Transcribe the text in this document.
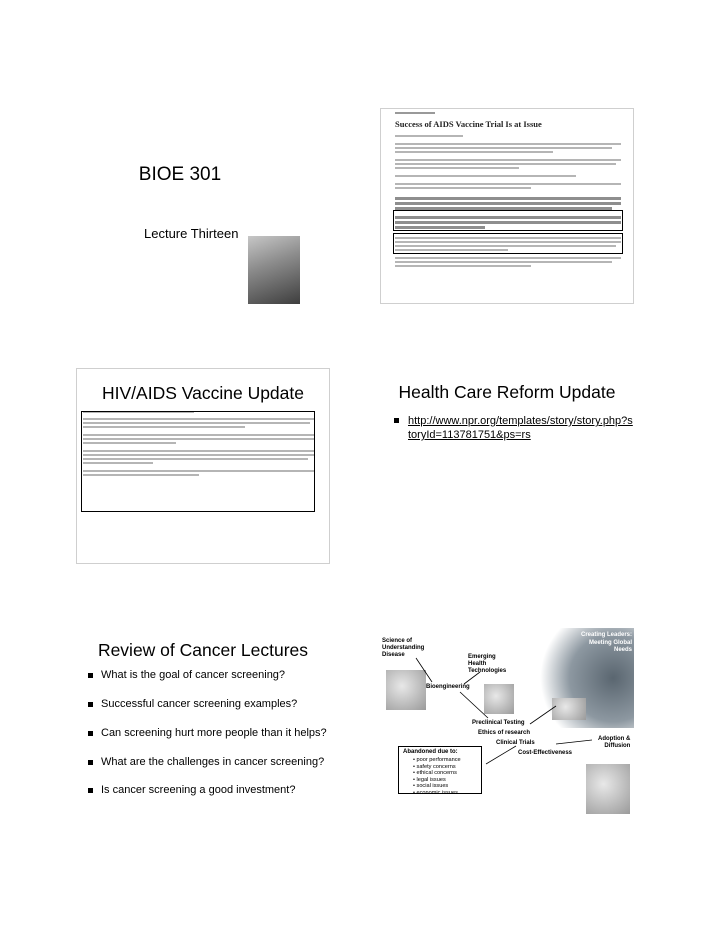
BIOE 301
Lecture Thirteen
Success of AIDS Vaccine Trial Is at Issue
HIV/AIDS Vaccine Update	Health Care Reform Update
http://www.npr.org/templates/story/story.php?storyId=113781751&ps=rs
Review of Cancer Lectures
What is the goal of cancer screening?
Successful cancer screening examples?
Can screening hurt more people than it helps?
What are the challenges in cancer screening?
Is cancer screening a good investment?
Creating Leaders:
Meeting Global Needs
Science of
Understanding
Disease	Emerging
Health
Technologies
Bioengineering
Preclinical Testing
Ethics of research
Clinical Trials
Adoption &
Diffusion
Cost-Effectiveness
Abandoned due to:
• poor performance
• safety concerns
• ethical concerns
• legal issues
• social issues
• economic issues
